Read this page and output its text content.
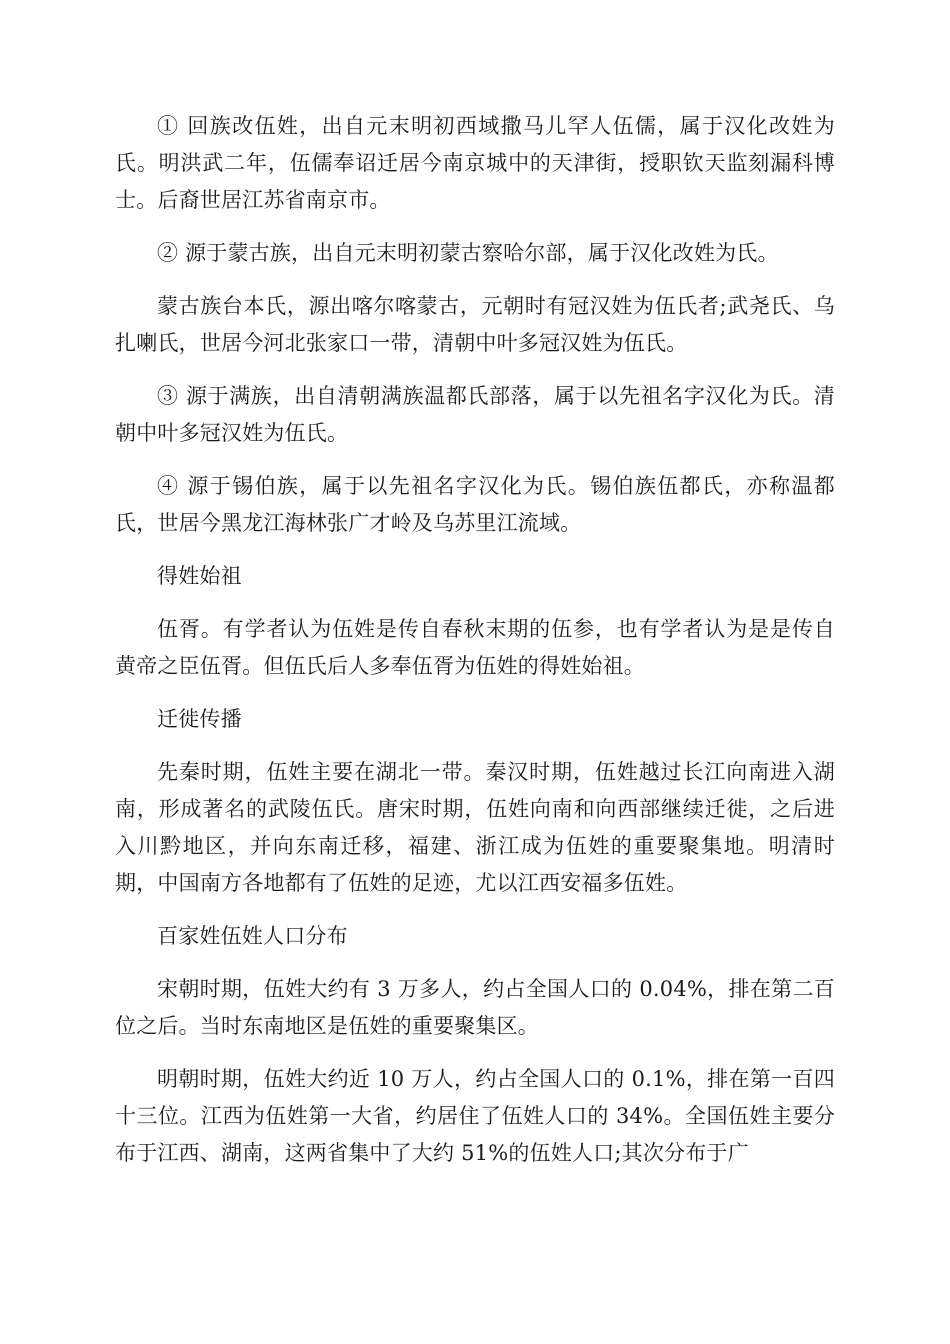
① 回族改伍姓，出自元末明初西域撒马儿罕人伍儒，属于汉化改姓为氏。明洪武二年，伍儒奉诏迁居今南京城中的天津街，授职钦天监刻漏科博士。后裔世居江苏省南京市。

② 源于蒙古族，出自元末明初蒙古察哈尔部，属于汉化改姓为氏。

蒙古族台本氏，源出喀尔喀蒙古，元朝时有冠汉姓为伍氏者;武尧氏、乌扎喇氏，世居今河北张家口一带，清朝中叶多冠汉姓为伍氏。

③ 源于满族，出自清朝满族温都氏部落，属于以先祖名字汉化为氏。清朝中叶多冠汉姓为伍氏。

④ 源于锡伯族，属于以先祖名字汉化为氏。锡伯族伍都氏，亦称温都氏，世居今黑龙江海林张广才岭及乌苏里江流域。

得姓始祖

伍胥。有学者认为伍姓是传自春秋末期的伍参，也有学者认为是是传自黄帝之臣伍胥。但伍氏后人多奉伍胥为伍姓的得姓始祖。

迁徙传播

先秦时期，伍姓主要在湖北一带。秦汉时期，伍姓越过长江向南进入湖南，形成著名的武陵伍氏。唐宋时期，伍姓向南和向西部继续迁徙，之后进入川黔地区，并向东南迁移，福建、浙江成为伍姓的重要聚集地。明清时期，中国南方各地都有了伍姓的足迹，尤以江西安福多伍姓。

百家姓伍姓人口分布

宋朝时期，伍姓大约有 3 万多人，约占全国人口的 0.04%，排在第二百位之后。当时东南地区是伍姓的重要聚集区。

明朝时期，伍姓大约近 10 万人，约占全国人口的 0.1%，排在第一百四十三位。江西为伍姓第一大省，约居住了伍姓人口的 34%。全国伍姓主要分布于江西、湖南，这两省集中了大约 51%的伍姓人口;其次分布于广
